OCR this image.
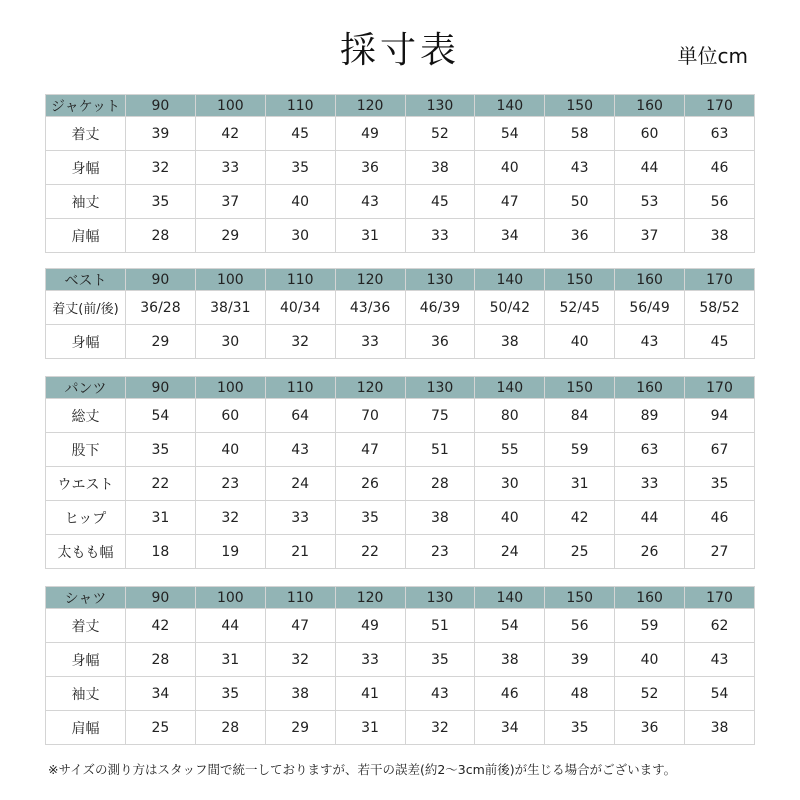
採寸表	単位cm
ジャケット	90	100	110	120	130	140	150	160	170
着丈	39	42	45	49	52	54	58	60	63
身幅	32	33	35	36	38	40	43	44	46
袖丈	35	37	40	43	45	47	50	53	56
肩幅	28	29	30	31	33	34	36	37	38
ベスト	90	100	110	120	130	140	150	160	170
着丈(前/後)	36/28	38/31	40/34	43/36	46/39	50/42	52/45	56/49	58/52
身幅	29	30	32	33	36	38	40	43	45
パンツ	90	100	110	120	130	140	150	160	170
総丈	54	60	64	70	75	80	84	89	94
股下	35	40	43	47	51	55	59	63	67
ウエスト	22	23	24	26	28	30	31	33	35
ヒップ	31	32	33	35	38	40	42	44	46
太もも幅	18	19	21	22	23	24	25	26	27
シャツ	90	100	110	120	130	140	150	160	170
着丈	42	44	47	49	51	54	56	59	62
身幅	28	31	32	33	35	38	39	40	43
袖丈	34	35	38	41	43	46	48	52	54
肩幅	25	28	29	31	32	34	35	36	38
※サイズの測り方はスタッフ間で統一しておりますが、若干の誤差(約2〜3cm前後)が生じる場合がございます。
